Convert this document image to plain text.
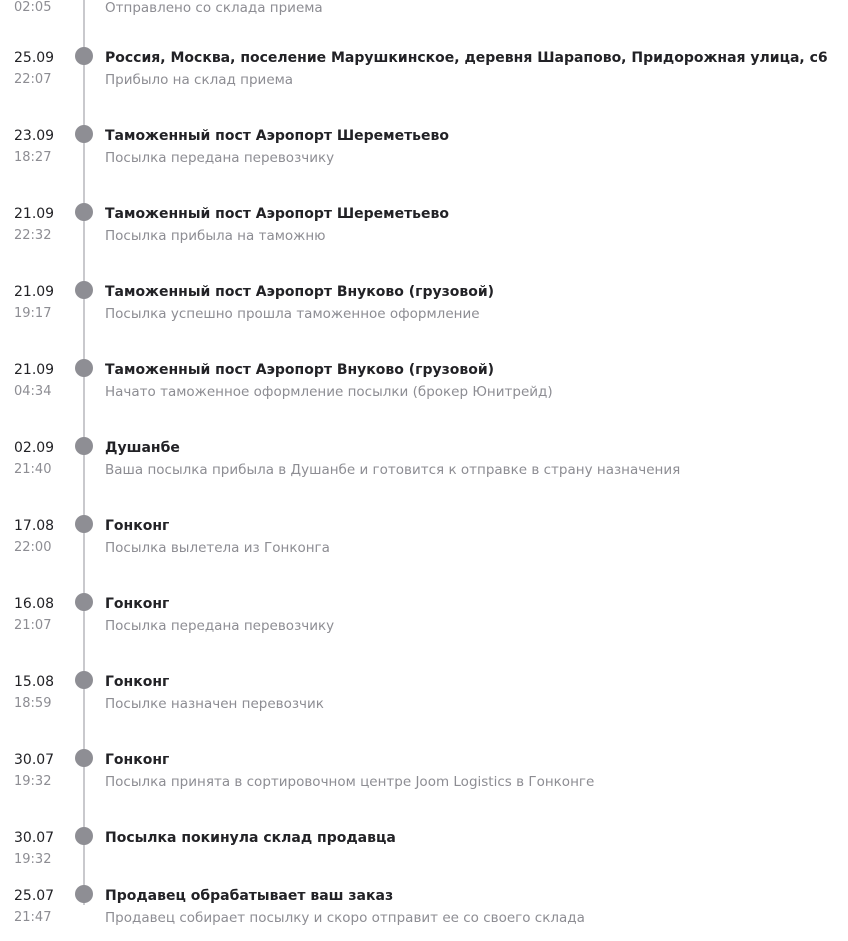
02:05	Отправлено со склада приема
25.09
22:07
Россия, Москва, поселение Марушкинское, деревня Шарапово, Придорожная улица, с6
Прибыло на склад приема
23.09
18:27
Таможенный пост Аэропорт Шереметьево
Посылка передана перевозчику
21.09
22:32
Таможенный пост Аэропорт Шереметьево
Посылка прибыла на таможню
21.09
19:17
Таможенный пост Аэропорт Внуково (грузовой)
Посылка успешно прошла таможенное оформление
21.09
04:34
Таможенный пост Аэропорт Внуково (грузовой)
Начато таможенное оформление посылки (брокер Юнитрейд)
02.09
21:40
Душанбе
Ваша посылка прибыла в Душанбе и готовится к отправке в страну назначения
17.08
22:00
Гонконг
Посылка вылетела из Гонконга
16.08
21:07
Гонконг
Посылка передана перевозчику
15.08
18:59
Гонконг
Посылке назначен перевозчик
30.07
19:32
Гонконг
Посылка принята в сортировочном центре Joom Logistics в Гонконге
30.07
19:32
Посылка покинула склад продавца
25.07
21:47
Продавец обрабатывает ваш заказ
Продавец собирает посылку и скоро отправит ее со своего склада
